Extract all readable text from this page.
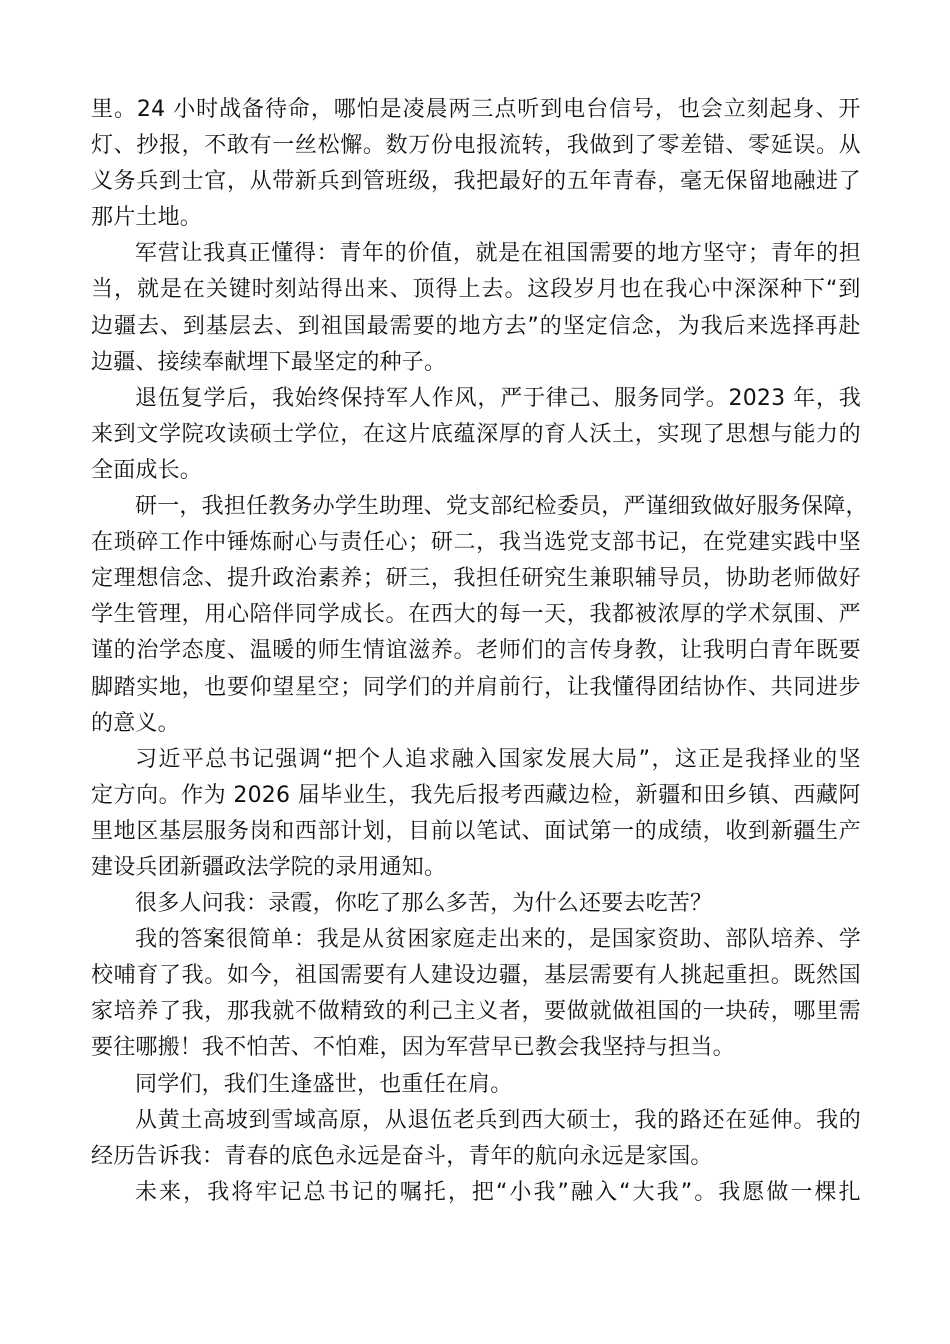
里 。 24 小 时 战 备 待 命 ， 哪 怕 是 凌 晨 两 三 点 听 到 电 台 信 号 ， 也 会 立 刻 起 身 、 开
灯 、 抄 报 ， 不 敢 有 一 丝 松 懈 。 数 万 份 电 报 流 转 ， 我 做 到 了 零 差 错 、 零 延 误 。 从
义 务 兵 到 士 官 ， 从 带 新 兵 到 管 班 级 ， 我 把 最 好 的 五 年 青 春 ， 毫 无 保 留 地 融 进 了
那片土地。
军 营 让 我 真 正 懂 得 ： 青 年 的 价 值 ， 就 是 在 祖 国 需 要 的 地 方 坚 守 ； 青 年 的 担
当 ， 就 是 在 关 键 时 刻 站 得 出 来 、 顶 得 上 去 。 这 段 岁 月 也 在 我 心 中 深 深 种 下 “ 到
边 疆 去 、 到 基 层 去 、 到 祖 国 最 需 要 的 地 方 去 ” 的 坚 定 信 念 ， 为 我 后 来 选 择 再 赴
边疆、接续奉献埋下最坚定的种子。
退 伍 复 学 后 ， 我 始 终 保 持 军 人 作 风 ， 严 于 律 己 、 服 务 同 学 。 2023 年 ， 我
来 到 文 学 院 攻 读 硕 士 学 位 ， 在 这 片 底 蕴 深 厚 的 育 人 沃 土 ， 实 现 了 思 想 与 能 力 的
全面成长。
研 一 ， 我 担 任 教 务 办 学 生 助 理 、 党 支 部 纪 检 委 员 ， 严 谨 细 致 做 好 服 务 保 障 ，
在 琐 碎 工 作 中 锤 炼 耐 心 与 责 任 心 ； 研 二 ， 我 当 选 党 支 部 书 记 ， 在 党 建 实 践 中 坚
定 理 想 信 念 、 提 升 政 治 素 养 ； 研 三 ， 我 担 任 研 究 生 兼 职 辅 导 员 ， 协 助 老 师 做 好
学 生 管 理 ， 用 心 陪 伴 同 学 成 长 。 在 西 大 的 每 一 天 ， 我 都 被 浓 厚 的 学 术 氛 围 、 严
谨 的 治 学 态 度 、 温 暖 的 师 生 情 谊 滋 养 。 老 师 们 的 言 传 身 教 ， 让 我 明 白 青 年 既 要
脚 踏 实 地 ， 也 要 仰 望 星 空 ； 同 学 们 的 并 肩 前 行 ， 让 我 懂 得 团 结 协 作 、 共 同 进 步
的意义。
习 近 平 总 书 记 强 调 “ 把 个 人 追 求 融 入 国 家 发 展 大 局 ” ， 这 正 是 我 择 业 的 坚
定 方 向 。 作 为 2026 届 毕 业 生 ， 我 先 后 报 考 西 藏 边 检 ， 新 疆 和 田 乡 镇 、 西 藏 阿
里 地 区 基 层 服 务 岗 和 西 部 计 划 ， 目 前 以 笔 试 、 面 试 第 一 的 成 绩 ， 收 到 新 疆 生 产
建设兵团新疆政法学院的录用通知。
很多人问我：录霞，你吃了那么多苦，为什么还要去吃苦？
我 的 答 案 很 简 单 ： 我 是 从 贫 困 家 庭 走 出 来 的 ， 是 国 家 资 助 、 部 队 培 养 、 学
校 哺 育 了 我 。 如 今 ， 祖 国 需 要 有 人 建 设 边 疆 ， 基 层 需 要 有 人 挑 起 重 担 。 既 然 国
家 培 养 了 我 ， 那 我 就 不 做 精 致 的 利 己 主 义 者 ， 要 做 就 做 祖 国 的 一 块 砖 ， 哪 里 需
要往哪搬！我不怕苦、不怕难，因为军营早已教会我坚持与担当。
同学们，我们生逢盛世，也重任在肩。
从 黄 土 高 坡 到 雪 域 高 原 ， 从 退 伍 老 兵 到 西 大 硕 士 ， 我 的 路 还 在 延 伸 。 我 的
经历告诉我：青春的底色永远是奋斗，青年的航向永远是家国。
未 来 ， 我 将 牢 记 总 书 记 的 嘱 托 ， 把 “ 小 我 ” 融 入 “ 大 我 ” 。 我 愿 做 一 棵 扎
